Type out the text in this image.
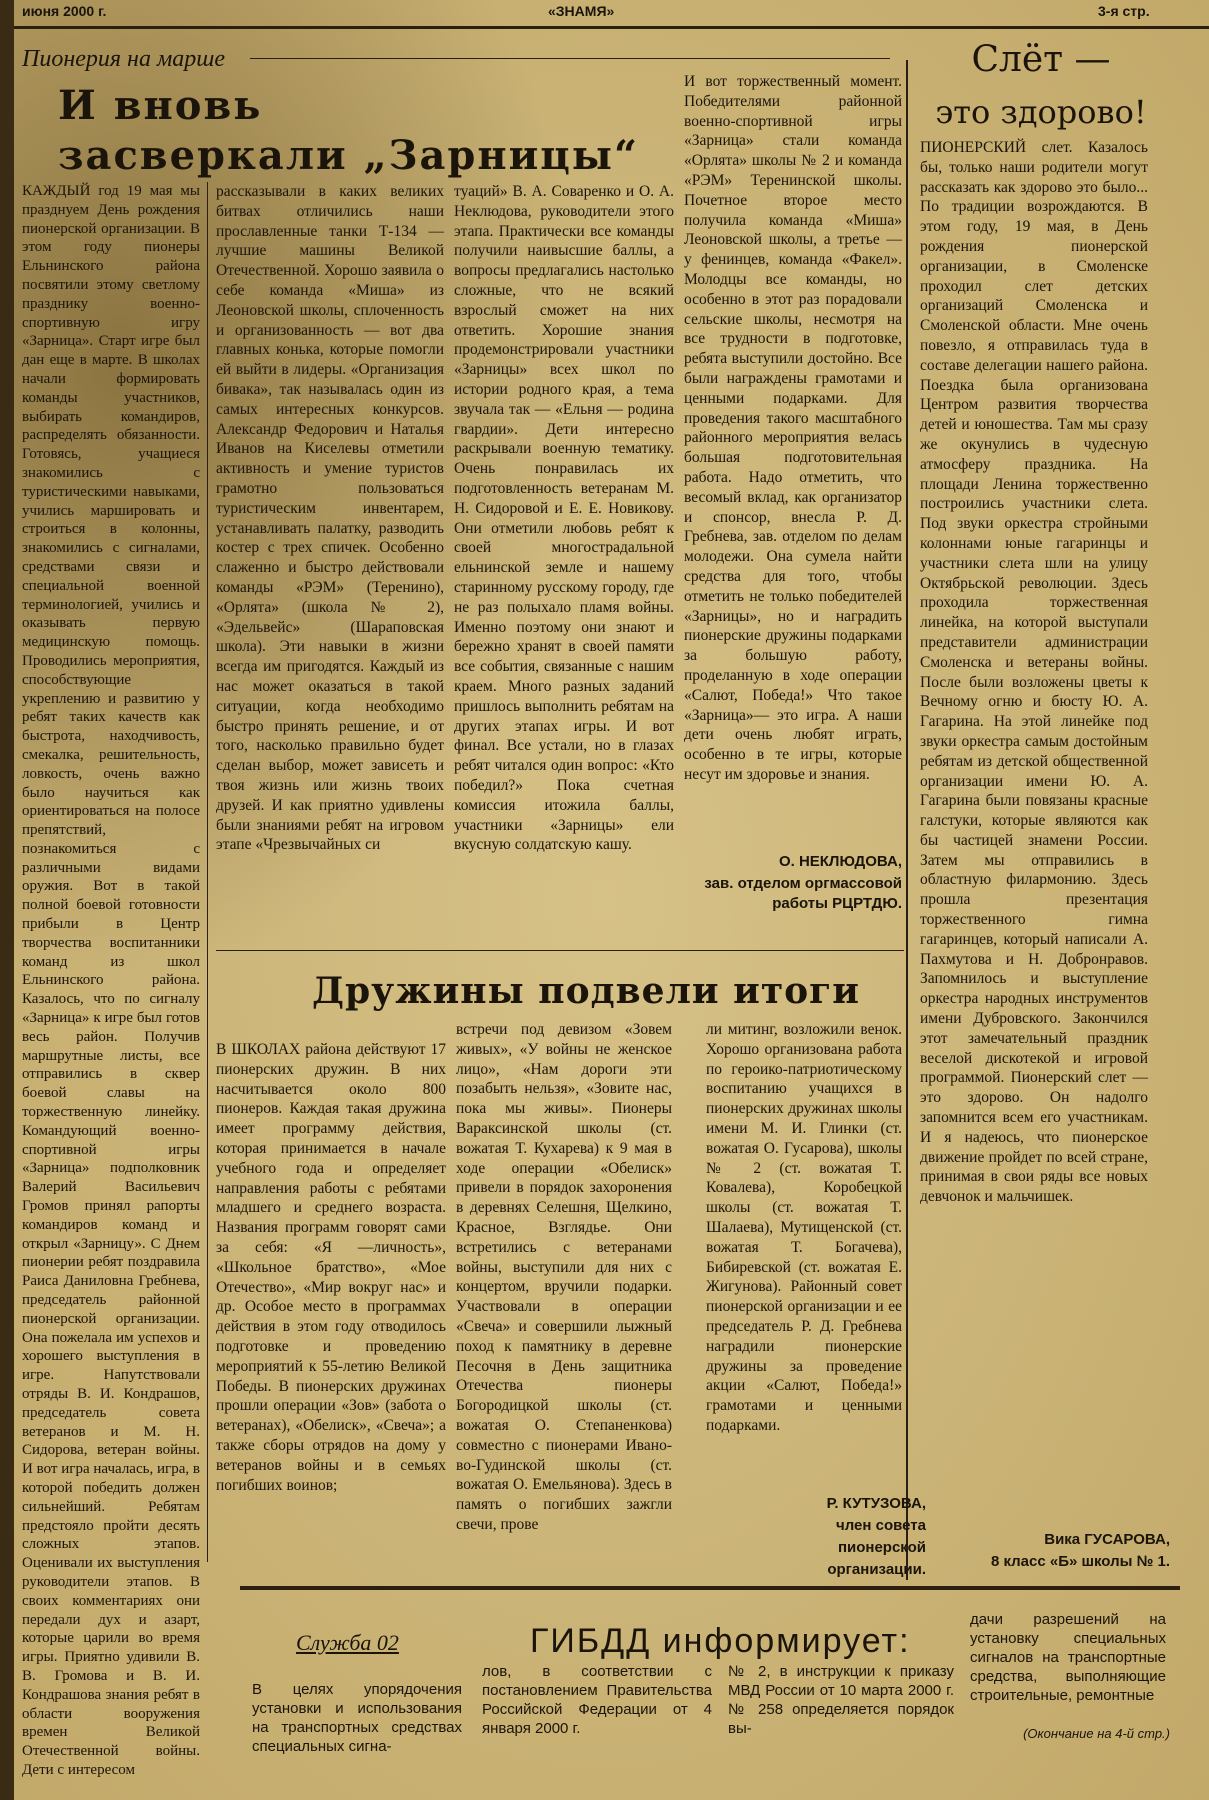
июня 2000 г.	«ЗНАМЯ»	3-я стр.
Пионерия на марше
И вновь
засверкали „Зарницы“
КАЖДЫЙ год 19 мая мы празднуем День рождения пионерской организации. В этом году пионеры Ельнинского района посвятили этому светлому празднику военно-спортивную игру «Зарница». Старт игре был дан еще в марте. В школах начали формировать команды участников, выбирать командиров, распределять обязанности. Готовясь, учащиеся знакомились с туристическими навыками, учились маршировать и строиться в колонны, знакомились с сигналами, средствами связи и специальной военной терминологией, учились и оказывать первую медицинскую помощь. Проводились мероприятия, способствующие укреплению и развитию у ребят таких качеств как быстрота, находчивость, смекалка, решительность, ловкость, очень важно было научиться как ориентироваться на полосе препятствий, познакомиться с различными видами оружия. Вот в такой полной боевой готовности прибыли в Центр творчества воспитанники команд из школ Ельнинского района. Казалось, что по сигналу «Зарница» к игре был готов весь район. Получив маршрутные листы, все отправились в сквер боевой славы на торжественную линейку. Командующий военно-спортивной игры «Зарница» подполковник Валерий Васильевич Громов принял рапорты командиров команд и открыл «Зарницу». С Днем пионерии ребят поздравила Раиса Даниловна Гребнева, председатель районной пионерской организации. Она пожелала им успехов и хорошего выступления в игре. Напутствовали отряды В. И. Кондрашов, председатель совета ветеранов и М. Н. Сидорова, ветеран войны. И вот игра началась, игра, в которой победить должен сильнейший. Ребятам предстояло пройти десять сложных этапов. Оценивали их выступления руководители этапов. В своих комментариях они передали дух и азарт, которые царили во время игры. Приятно удивили В. В. Громова и В. И. Кондрашова знания ребят в области вооружения времен Великой Отечественной войны. Дети с интересом
рассказывали в каких великих битвах отличились наши прославленные танки Т-134 — лучшие машины Великой Отечественной. Хорошо заявила о себе команда «Миша» из Леоновской школы, сплоченность и организованность — вот два главных конька, которые помогли ей выйти в лидеры. «Организация бивака», так называлась один из самых интересных конкурсов. Александр Федорович и Наталья Иванов на Киселевы отметили активность и умение туристов грамотно пользоваться туристическим инвентарем, устанавливать палатку, разводить костер с трех спичек. Особенно слаженно и быстро действовали команды «РЭМ» (Теренино), «Орлята» (школа № 2), «Эдельвейс» (Шараповская школа). Эти навыки в жизни всегда им пригодятся. Каждый из нас может оказаться в такой ситуации, когда необходимо быстро принять решение, и от того, насколько правильно будет сделан выбор, может зависеть и твоя жизнь или жизнь твоих друзей. И как приятно удивлены были знаниями ребят на игровом этапе «Чрезвычайных си
туаций» В. А. Соваренко и О. А. Неклюдова, руководители этого этапа. Практически все команды получили наивысшие баллы, а вопросы предлагались настолько сложные, что не всякий взрослый сможет на них ответить. Хорошие знания продемонстрировали участники «Зарницы» всех школ по истории родного края, а тема звучала так — «Ельня — родина гвардии». Дети интересно раскрывали военную тематику. Очень понравилась их подготовленность ветеранам М. Н. Сидоровой и Е. Е. Новикову. Они отметили любовь ребят к своей многострадальной ельнинской земле и нашему старинному русскому городу, где не раз полыхало пламя войны. Именно поэтому они знают и бережно хранят в своей памяти все события, связанные с нашим краем. Много разных заданий пришлось выполнить ребятам на других этапах игры. И вот финал. Все устали, но в глазах ребят читался один вопрос: «Кто победил?» Пока счетная комиссия итожила баллы, участники «Зарницы» ели вкусную солдатскую кашу.
И вот торжественный момент. Победителями районной военно-спортивной игры «Зарница» стали команда «Орлята» школы № 2 и команда «РЭМ» Теренинской школы. Почетное второе место получила команда «Миша» Леоновской школы, а третье — у фенинцев, команда «Факел». Молодцы все команды, но особенно в этот раз порадовали сельские школы, несмотря на все трудности в подготовке, ребята выступили достойно. Все были награждены грамотами и ценными подарками. Для проведения такого масштабного районного мероприятия велась большая подготовительная работа. Надо отметить, что весомый вклад, как организатор и спонсор, внесла Р. Д. Гребнева, зав. отделом по делам молодежи. Она сумела найти средства для того, чтобы отметить не только победителей «Зарницы», но и наградить пионерские дружины подарками за большую работу, проделанную в ходе операции «Салют, Победа!» Что такое «Зарница»— это игра. А наши дети очень любят играть, особенно в те игры, которые несут им здоровье и знания.
О. НЕКЛЮДОВА,
зав. отделом оргмассовой работы РЦРТДЮ.
Дружины подвели итоги
В ШКОЛАХ района действуют 17 пионерских дружин. В них насчитывается около 800 пионеров. Каждая такая дружина имеет программу действия, которая принимается в начале учебного года и определяет направления работы с ребятами младшего и среднего возраста. Названия программ говорят сами за себя: «Я —личность», «Школьное братство», «Мое Отечество», «Мир вокруг нас» и др. Особое место в программах действия в этом году отводилось подготовке и проведению мероприятий к 55-летию Великой Победы. В пионерских дружинах прошли операции «Зов» (забота о ветеранах), «Обелиск», «Свеча»; а также сборы отрядов на дому у ветеранов войны и в семьях погибших воинов;
встречи под девизом «Зовем живых», «У войны не женское лицо», «Нам дороги эти позабыть нельзя», «Зовите нас, пока мы живы». Пионеры Вараксинской школы (ст. вожатая Т. Кухарева) к 9 мая в ходе операции «Обелиск» привели в порядок захоронения в деревнях Селешня, Щелкино, Красное, Взглядье. Они встретились с ветеранами войны, выступили для них с концертом, вручили подарки. Участвовали в операции «Свеча» и совершили лыжный поход к памятнику в деревне Песочня в День защитника Отечества пионеры Богородицкой школы (ст. вожатая О. Степаненкова) совместно с пионерами Ивано-во-Гудинской школы (ст. вожатая О. Емельянова). Здесь в память о погибших зажгли свечи, прове
ли митинг, возложили венок. Хорошо организована работа по героико-патриотическому воспитанию учащихся в пионерских дружинах школы имени М. И. Глинки (ст. вожатая О. Гусарова), школы № 2 (ст. вожатая Т. Ковалева), Коробецкой школы (ст. вожатая Т. Шалаева), Мутищенской (ст. вожатая Т. Богачева), Бибиревской (ст. вожатая Е. Жигунова). Районный совет пионерской организации и ее председатель Р. Д. Гребнева наградили пионерские дружины за проведение акции «Салют, Победа!» грамотами и ценными подарками.
Р. КУТУЗОВА,
член совета
пионерской
организации.
Слёт —
это здорово!
ПИОНЕРСКИЙ слет. Казалось бы, только наши родители могут рассказать как здорово это было... По традиции возрождаются. В этом году, 19 мая, в День рождения пионерской организации, в Смоленске проходил слет детских организаций Смоленска и Смоленской области. Мне очень повезло, я отправилась туда в составе делегации нашего района. Поездка была организована Центром развития творчества детей и юношества. Там мы сразу же окунулись в чудесную атмосферу праздника. На площади Ленина торжественно построились участники слета. Под звуки оркестра стройными колоннами юные гагаринцы и участники слета шли на улицу Октябрьской революции. Здесь проходила торжественная линейка, на которой выступали представители администрации Смоленска и ветераны войны. После были возложены цветы к Вечному огню и бюсту Ю. А. Гагарина. На этой линейке под звуки оркестра самым достойным ребятам из детской общественной организации имени Ю. А. Гагарина были повязаны красные галстуки, которые являются как бы частицей знамени России. Затем мы отправились в областную филармонию. Здесь прошла презентация торжественного гимна гагаринцев, который написали А. Пахмутова и Н. Добронравов. Запомнилось и выступление оркестра народных инструментов имени Дубровского. Закончился этот замечательный праздник веселой дискотекой и игровой программой. Пионерский слет — это здорово. Он надолго запомнится всем его участникам. И я надеюсь, что пионерское движение пройдет по всей стране, принимая в свои ряды все новых девчонок и мальчишек.
Вика ГУСАРОВА,
8 класс «Б» школы № 1.
Служба 02	ГИБДД информирует:
В целях упорядочения установки и использования на транспортных средствах специальных сигна-
лов, в соответствии с постановлением Правительства Российской Федерации от 4 января 2000 г.
№ 2, в инструкции к приказу МВД России от 10 марта 2000 г. № 258 определяется порядок вы-
дачи разрешений на установку специальных сигналов на транспортные средства, выполняющие строительные, ремонтные
(Окончание на 4-й стр.)
